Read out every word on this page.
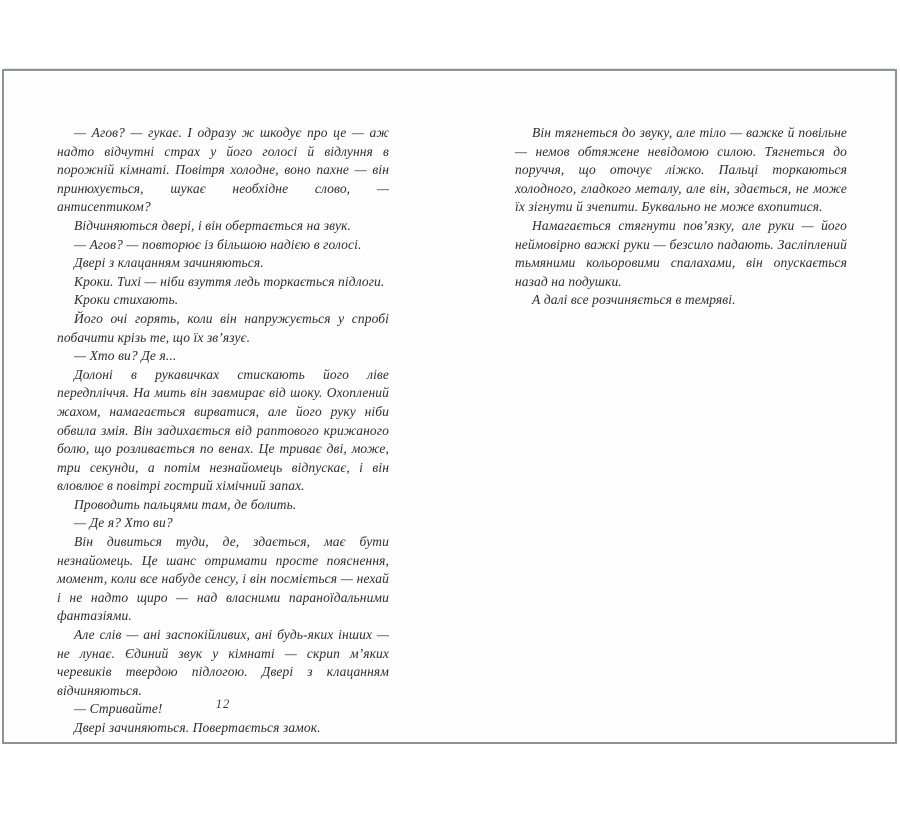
— Агов? — гукає. І одразу ж шкодує про це — аж надто відчутні страх у його голосі й відлуння в порожній кімнаті. Повітря холодне, воно пахне — він принюхується, шукає необхідне слово, — антисептиком?

Відчиняються двері, і він обертається на звук.

— Агов? — повторює із більшою надією в голосі.

Двері з клацанням зачиняються.

Кроки. Тихі — ніби взуття ледь торкається підлоги.

Кроки стихають.

Його очі горять, коли він напружується у спробі побачити крізь те, що їх зв’язує.

— Хто ви? Де я...

Долоні в рукавичках стискають його ліве передпліччя. На мить він завмирає від шоку. Охоплений жахом, намагається вирватися, але його руку ніби обвила змія. Він задихається від раптового крижаного болю, що розливається по венах. Це триває дві, може, три секунди, а потім незнайомець відпускає, і він вловлює в повітрі гострий хімічний запах.

Проводить пальцями там, де болить.

— Де я? Хто ви?

Він дивиться туди, де, здається, має бути незнайомець. Це шанс отримати просте пояснення, момент, коли все набуде сенсу, і він посміється — нехай і не надто щиро — над власними параноїдальними фантазіями.

Але слів — ані заспокійливих, ані будь-яких інших — не лунає. Єдиний звук у кімнаті — скрип м’яких черевиків твердою підлогою. Двері з клацанням відчиняються.

— Стривайте!

Двері зачиняються. Повертається замок.

Він тягнеться до звуку, але тіло — важке й повільне — немов обтяжене невідомою силою. Тягнеться до поруччя, що оточує ліжко. Пальці торкаються холодного, гладкого металу, але він, здається, не може їх зігнути й зчепити. Буквально не може вхопитися.

Намагається стягнути пов’язку, але руки — його неймовірно важкі руки — безсило падають. Засліплений тьмяними кольоровими спалахами, він опускається назад на подушки.

А далі все розчиняється в темряві.

12
